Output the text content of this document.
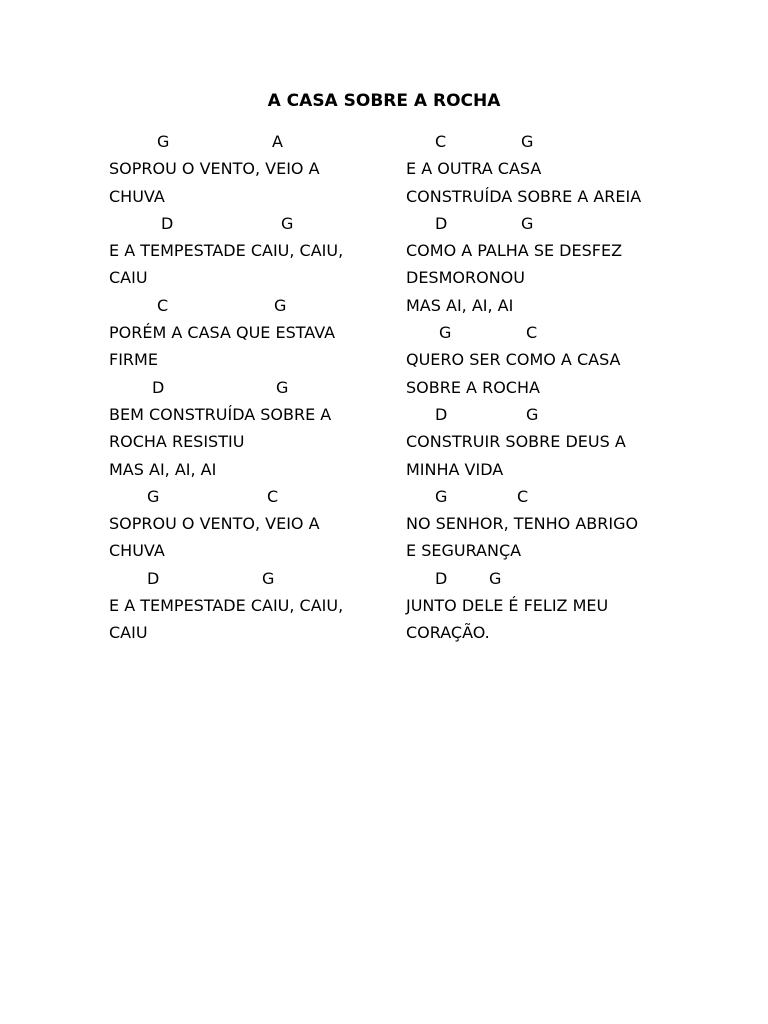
A CASA SOBRE A ROCHA
G	A
SOPROU O VENTO, VEIO A
CHUVA
D	G
E A TEMPESTADE CAIU, CAIU,
CAIU
C	G
PORÉM A CASA QUE ESTAVA
FIRME
D	G
BEM CONSTRUÍDA SOBRE A
ROCHA RESISTIU
MAS AI, AI, AI
G	C
SOPROU O VENTO, VEIO A
CHUVA
D	G
E A TEMPESTADE CAIU, CAIU,
CAIU
C	G
E A OUTRA CASA
CONSTRUÍDA SOBRE A AREIA
D	G
COMO A PALHA SE DESFEZ
DESMORONOU
MAS AI, AI, AI
G	C
QUERO SER COMO A CASA
SOBRE A ROCHA
D	G
CONSTRUIR SOBRE DEUS A
MINHA VIDA
G	C
NO SENHOR, TENHO ABRIGO
E SEGURANÇA
D	G
JUNTO DELE É FELIZ MEU
CORAÇÃO.
